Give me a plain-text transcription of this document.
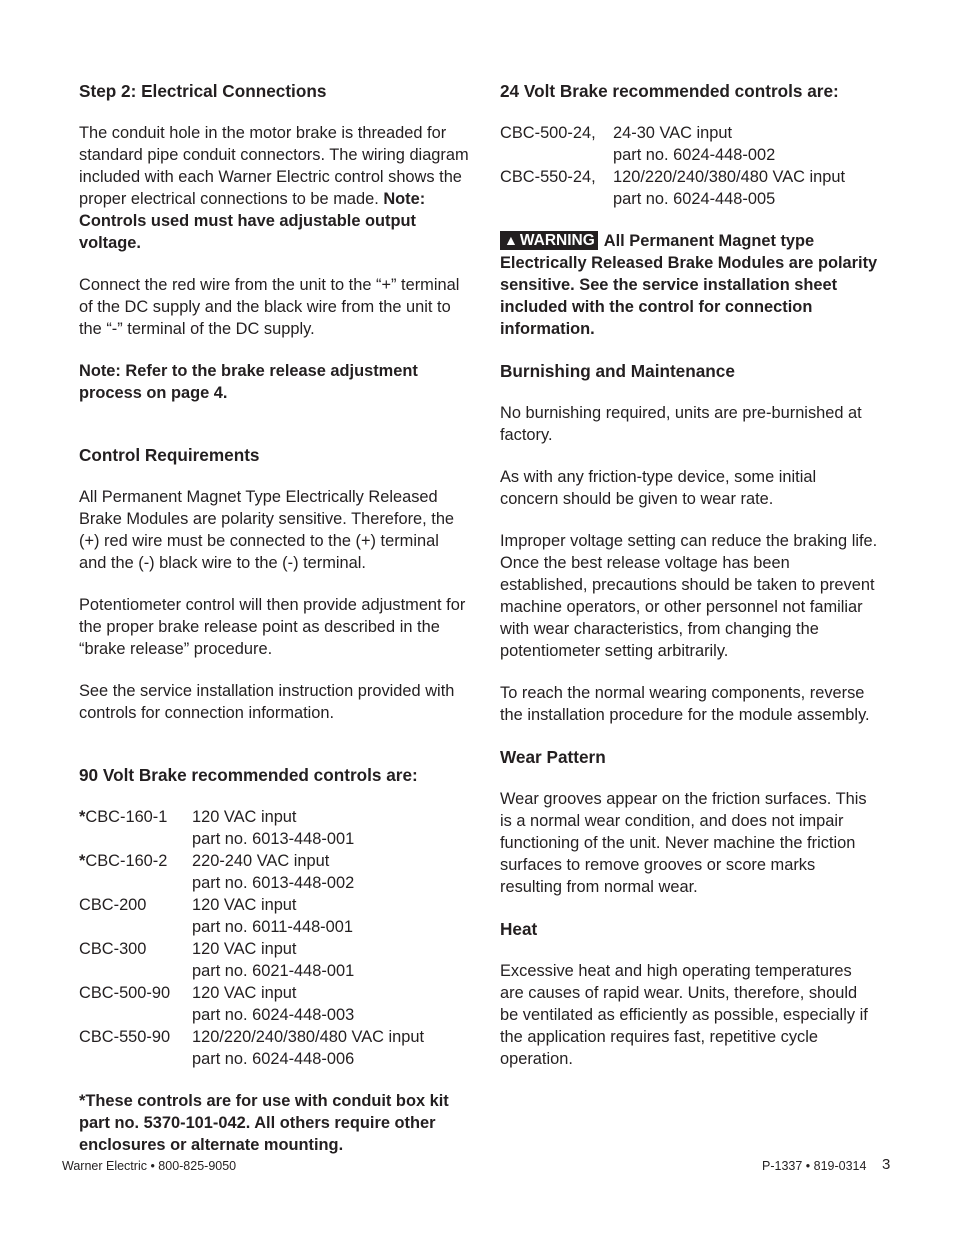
Step 2: Electrical Connections

The conduit hole in the motor brake is threaded for standard pipe conduit connectors. The wiring diagram included with each Warner Electric control shows the proper electrical connections to be made. Note: Controls used must have adjustable output voltage.

Connect the red wire from the unit to the “+” terminal of the DC supply and the black wire from the unit to the “-” terminal of the DC supply.

Note: Refer to the brake release adjustment process on page 4.

Control Requirements

All Permanent Magnet Type Electrically Released Brake Modules are polarity sensitive. Therefore, the (+) red wire must be connected to the (+) terminal and the (-) black wire to the (-) terminal.

Potentiometer control will then provide adjustment for the proper brake release point as described in the “brake release” procedure.

See the service installation instruction provided with controls for connection information.

90 Volt Brake recommended controls are:
*CBC-160-1	120 VAC input
	part no. 6013-448-001
*CBC-160-2	220-240 VAC input
	part no. 6013-448-002
CBC-200	120 VAC input
	part no. 6011-448-001
CBC-300	120 VAC input
	part no. 6021-448-001
CBC-500-90	120 VAC input
	part no. 6024-448-003
CBC-550-90	120/220/240/380/480 VAC input
	part no. 6024-448-006

*These controls are for use with conduit box kit part no. 5370-101-042. All others require other enclosures or alternate mounting.

24 Volt Brake recommended controls are:
CBC-500-24,	24-30 VAC input
	part no. 6024-448-002
CBC-550-24,	120/220/240/380/480 VAC input
	part no. 6024-448-005

▲ WARNING All Permanent Magnet type Electrically Released Brake Modules are polarity sensitive. See the service installation sheet included with the control for connection information.

Burnishing and Maintenance

No burnishing required, units are pre-burnished at factory.

As with any friction-type device, some initial concern should be given to wear rate.

Improper voltage setting can reduce the braking life. Once the best release voltage has been established, precautions should be taken to prevent machine operators, or other personnel not familiar with wear characteristics, from changing the potentiometer setting arbitrarily.

To reach the normal wearing components, reverse the installation procedure for the module assembly.

Wear Pattern

Wear grooves appear on the friction surfaces. This is a normal wear condition, and does not impair functioning of the unit. Never machine the friction surfaces to remove grooves or score marks resulting from normal wear.

Heat

Excessive heat and high operating temperatures are causes of rapid wear. Units, therefore, should be ventilated as efficiently as possible, especially if the application requires fast, repetitive cycle operation.

Warner Electric • 800-825-9050	P-1337 • 819-0314 3
